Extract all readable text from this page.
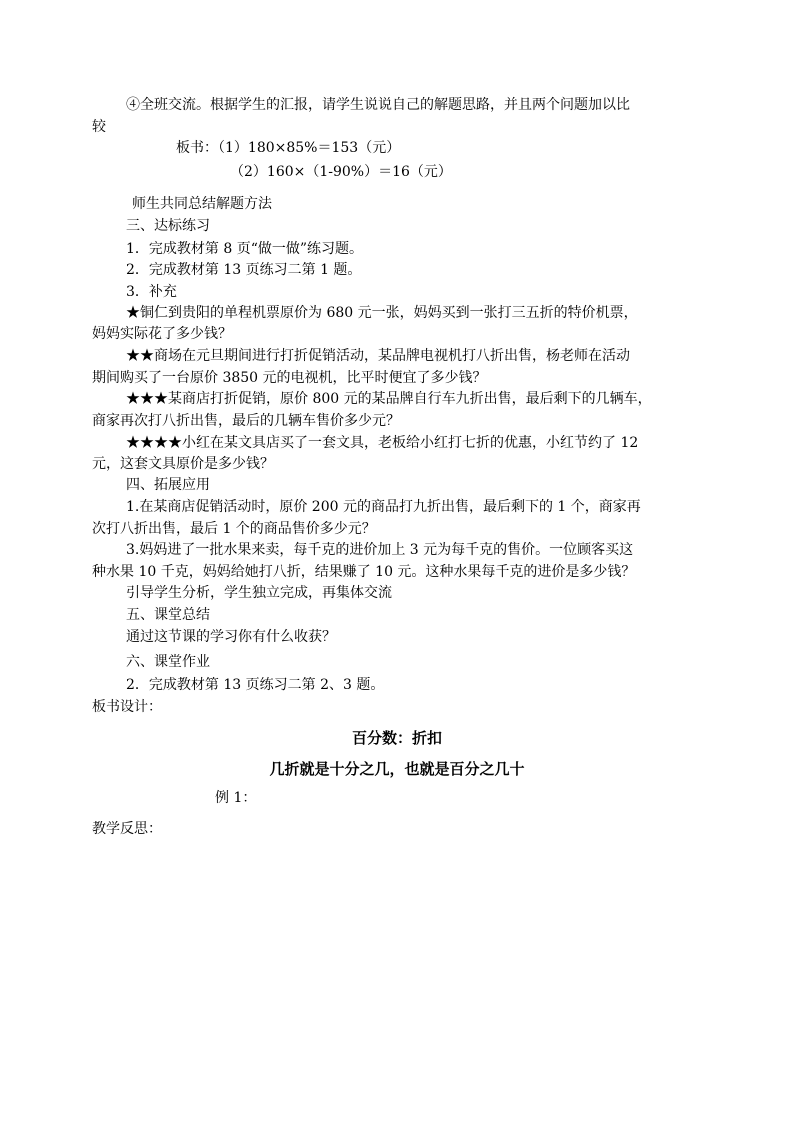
④全班交流。根据学生的汇报，请学生说说自己的解题思路，并且两个问题加以比

较

板书：（1）180×85%＝153（元）

（2）160×（1-90%）＝16（元）

师生共同总结解题方法

三、达标练习

1．完成教材第 8 页“做一做”练习题。

2．完成教材第 13 页练习二第 1 题。

3．补充

★铜仁到贵阳的单程机票原价为 680 元一张，妈妈买到一张打三五折的特价机票，

妈妈实际花了多少钱？

★★商场在元旦期间进行打折促销活动，某品牌电视机打八折出售，杨老师在活动

期间购买了一台原价 3850 元的电视机，比平时便宜了多少钱？

★★★某商店打折促销，原价 800 元的某品牌自行车九折出售，最后剩下的几辆车，

商家再次打八折出售，最后的几辆车售价多少元？

★★★★小红在某文具店买了一套文具，老板给小红打七折的优惠，小红节约了 12

元，这套文具原价是多少钱？

四、拓展应用

1.在某商店促销活动时，原价 200 元的商品打九折出售，最后剩下的 1 个，商家再

次打八折出售，最后 1 个的商品售价多少元？

3.妈妈进了一批水果来卖，每千克的进价加上 3 元为每千克的售价。一位顾客买这

种水果 10 千克，妈妈给她打八折，结果赚了 10 元。这种水果每千克的进价是多少钱？

引导学生分析，学生独立完成，再集体交流

五、课堂总结

通过这节课的学习你有什么收获？

六、课堂作业

2．完成教材第 13 页练习二第 2、3 题。

板书设计：

百分数：折扣

几折就是十分之几，也就是百分之几十

例 1：

教学反思：
